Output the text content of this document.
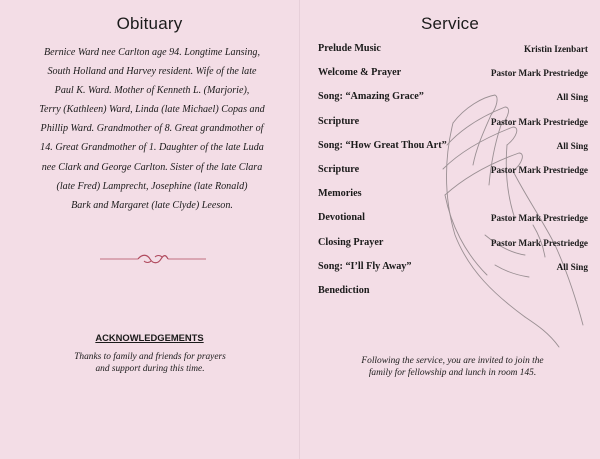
Obituary
Bernice Ward nee Carlton age 94. Longtime Lansing,
South Holland and Harvey resident. Wife of the late
Paul K. Ward. Mother of Kenneth L. (Marjorie),
Terry (Kathleen) Ward, Linda (late Michael) Copas and
Phillip Ward. Grandmother of 8. Great grandmother of
14. Great Grandmother of 1. Daughter of the late Luda
nee Clark and George Carlton. Sister of the late Clara
(late Fred) Lamprecht, Josephine (late Ronald)
Bark and Margaret (late Clyde) Leeson.
ACKNOWLEDGEMENTS
Thanks to family and friends for prayers
and support during this time.
Service
Prelude Music	Kristin Izenbart
Welcome & Prayer	Pastor Mark Prestriedge
Song: “Amazing Grace”	All Sing
Scripture	Pastor Mark Prestriedge
Song: “How Great Thou Art”	All Sing
Scripture	Pastor Mark Prestriedge
Memories
Devotional	Pastor Mark Prestriedge
Closing Prayer	Pastor Mark Prestriedge
Song: “I’ll Fly Away”	All Sing
Benediction
Following the service, you are invited to join the
family for fellowship and lunch in room 145.
